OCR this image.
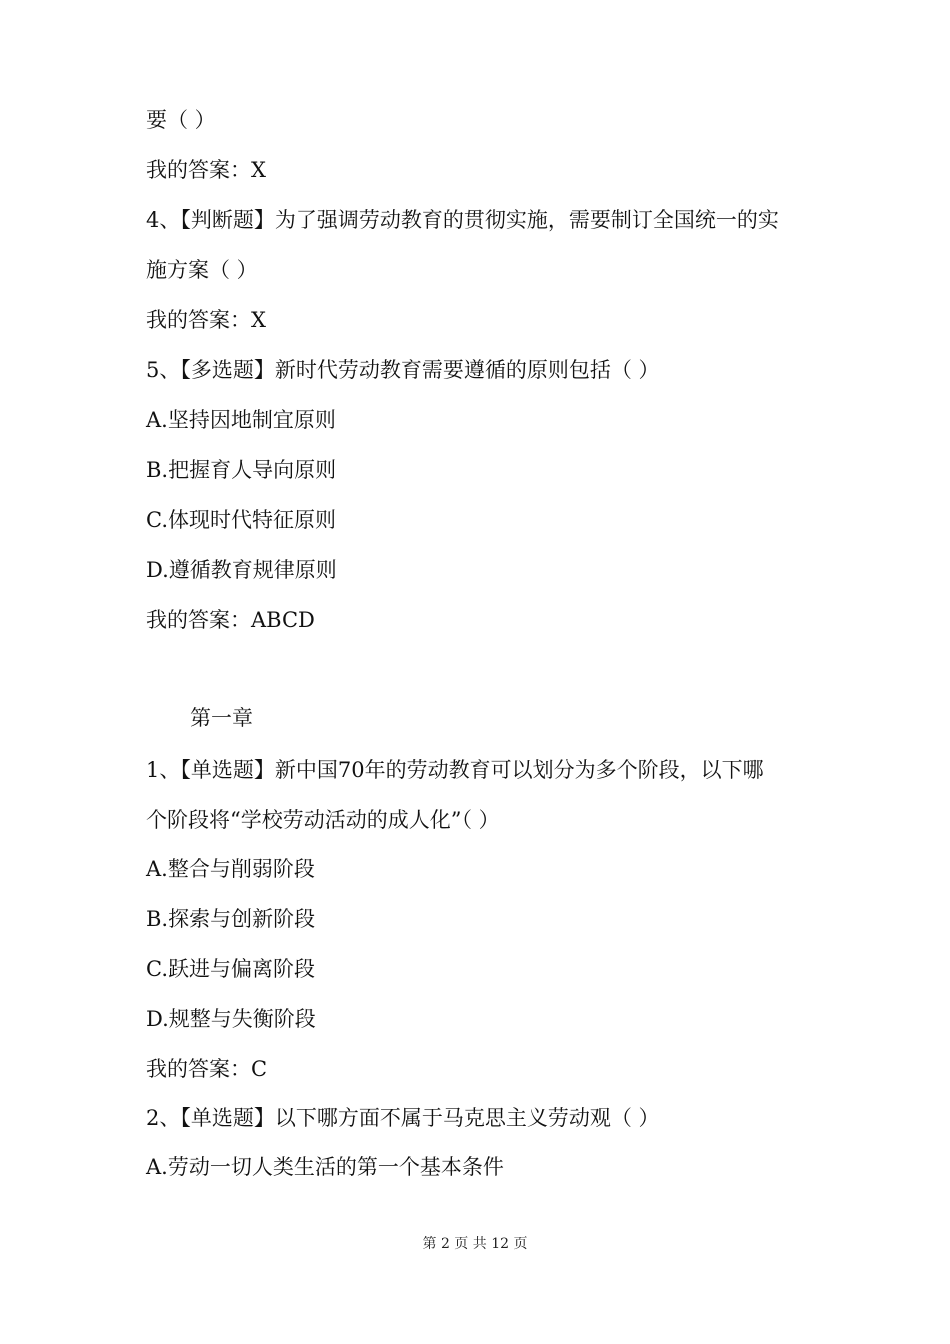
要（ ）
我的答案：X
4、【判断题】为了强调劳动教育的贯彻实施，需要制订全国统一的实
施方案（ ）
我的答案：X
5、【多选题】新时代劳动教育需要遵循的原则包括（ ）
A.坚持因地制宜原则
B.把握育人导向原则
C.体现时代特征原则
D.遵循教育规律原则
我的答案：ABCD
第一章
1、【单选题】新中国70年的劳动教育可以划分为多个阶段，以下哪
个阶段将“学校劳动活动的成人化”（ ）
A.整合与削弱阶段
B.探索与创新阶段
C.跃进与偏离阶段
D.规整与失衡阶段
我的答案：C
2、【单选题】以下哪方面不属于马克思主义劳动观（ ）
A.劳动一切人类生活的第一个基本条件
第 2 页 共 12 页
